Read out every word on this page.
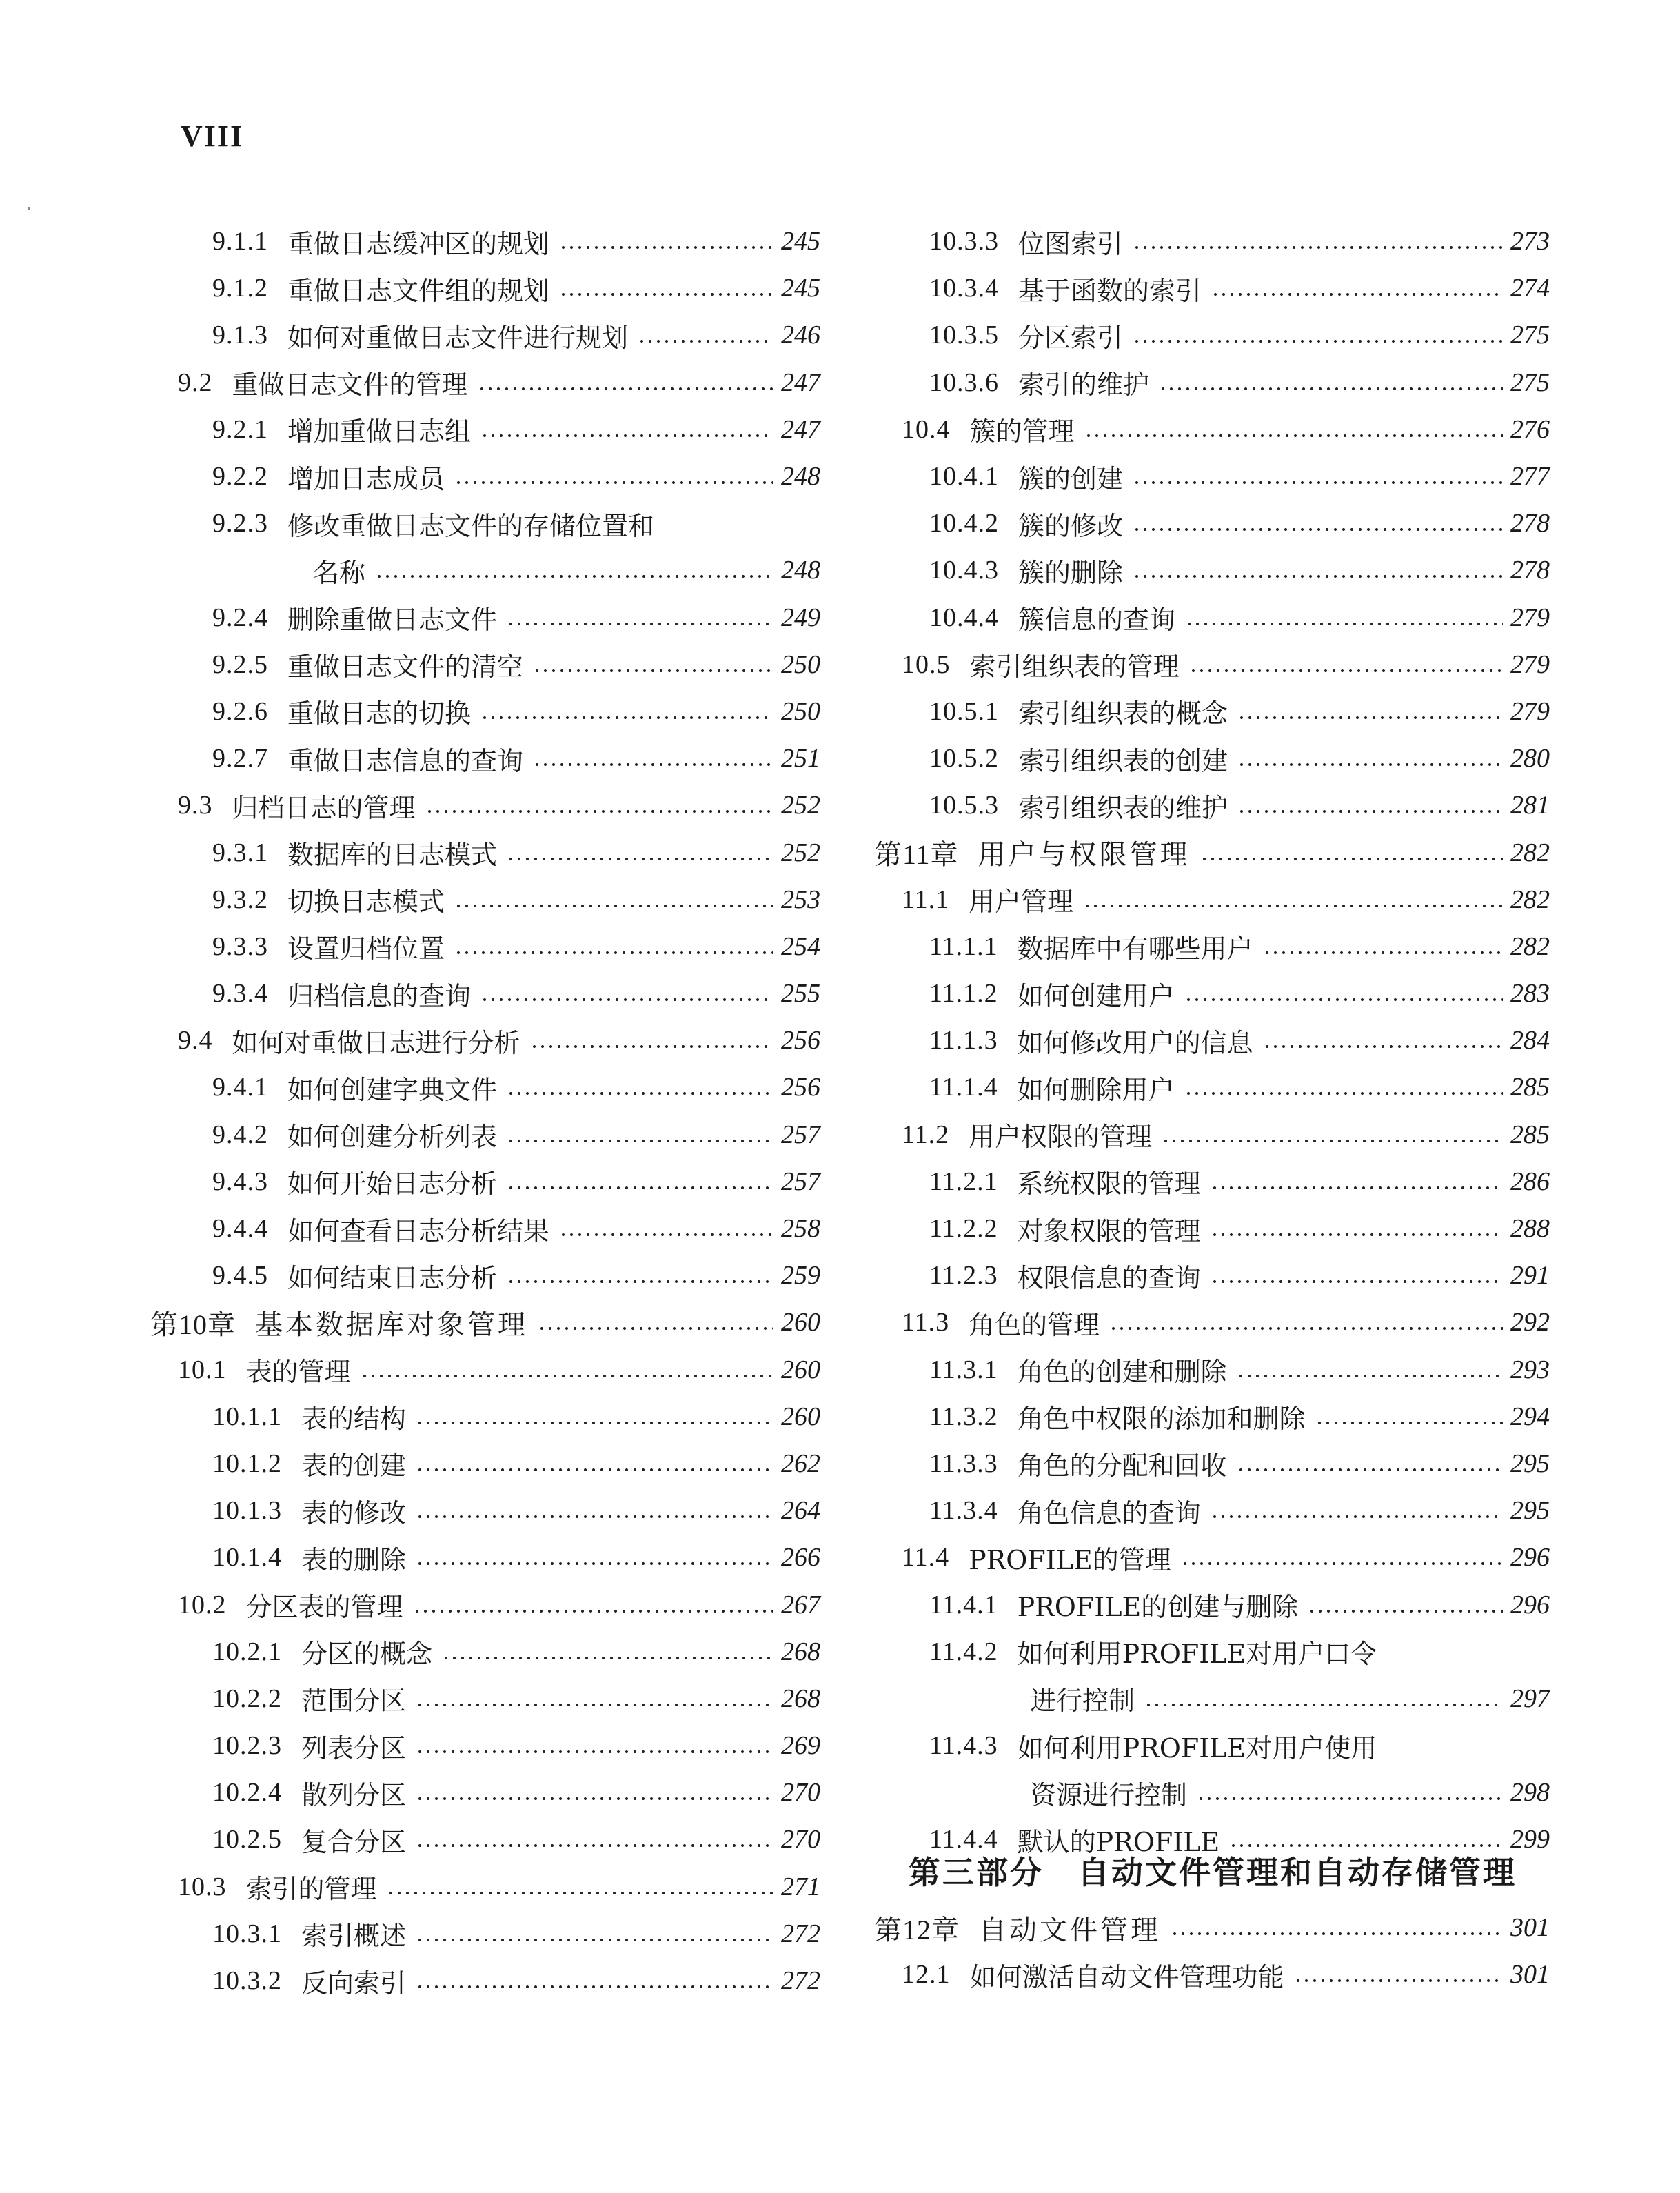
VIII
9.1.1 重做日志缓冲区的规划	245
9.1.2 重做日志文件组的规划	245
9.1.3 如何对重做日志文件进行规划	246
9.2 重做日志文件的管理	247
9.2.1 增加重做日志组	247
9.2.2 增加日志成员	248
9.2.3 修改重做日志文件的存储位置和
名称	248
9.2.4 删除重做日志文件	249
9.2.5 重做日志文件的清空	250
9.2.6 重做日志的切换	250
9.2.7 重做日志信息的查询	251
9.3 归档日志的管理	252
9.3.1 数据库的日志模式	252
9.3.2 切换日志模式	253
9.3.3 设置归档位置	254
9.3.4 归档信息的查询	255
9.4 如何对重做日志进行分析	256
9.4.1 如何创建字典文件	256
9.4.2 如何创建分析列表	257
9.4.3 如何开始日志分析	257
9.4.4 如何查看日志分析结果	258
9.4.5 如何结束日志分析	259
第10章 基本数据库对象管理	260
10.1 表的管理	260
10.1.1 表的结构	260
10.1.2 表的创建	262
10.1.3 表的修改	264
10.1.4 表的删除	266
10.2 分区表的管理	267
10.2.1 分区的概念	268
10.2.2 范围分区	268
10.2.3 列表分区	269
10.2.4 散列分区	270
10.2.5 复合分区	270
10.3 索引的管理	271
10.3.1 索引概述	272
10.3.2 反向索引	272
10.3.3 位图索引	273
10.3.4 基于函数的索引	274
10.3.5 分区索引	275
10.3.6 索引的维护	275
10.4 簇的管理	276
10.4.1 簇的创建	277
10.4.2 簇的修改	278
10.4.3 簇的删除	278
10.4.4 簇信息的查询	279
10.5 索引组织表的管理	279
10.5.1 索引组织表的概念	279
10.5.2 索引组织表的创建	280
10.5.3 索引组织表的维护	281
第11章 用户与权限管理	282
11.1 用户管理	282
11.1.1 数据库中有哪些用户	282
11.1.2 如何创建用户	283
11.1.3 如何修改用户的信息	284
11.1.4 如何删除用户	285
11.2 用户权限的管理	285
11.2.1 系统权限的管理	286
11.2.2 对象权限的管理	288
11.2.3 权限信息的查询	291
11.3 角色的管理	292
11.3.1 角色的创建和删除	293
11.3.2 角色中权限的添加和删除	294
11.3.3 角色的分配和回收	295
11.3.4 角色信息的查询	295
11.4 PROFILE的管理	296
11.4.1 PROFILE的创建与删除	296
11.4.2 如何利用PROFILE对用户口令
进行控制	297
11.4.3 如何利用PROFILE对用户使用
资源进行控制	298
11.4.4 默认的PROFILE	299
第三部分　自动文件管理和自动存储管理
第12章 自动文件管理	301
12.1 如何激活自动文件管理功能	301
